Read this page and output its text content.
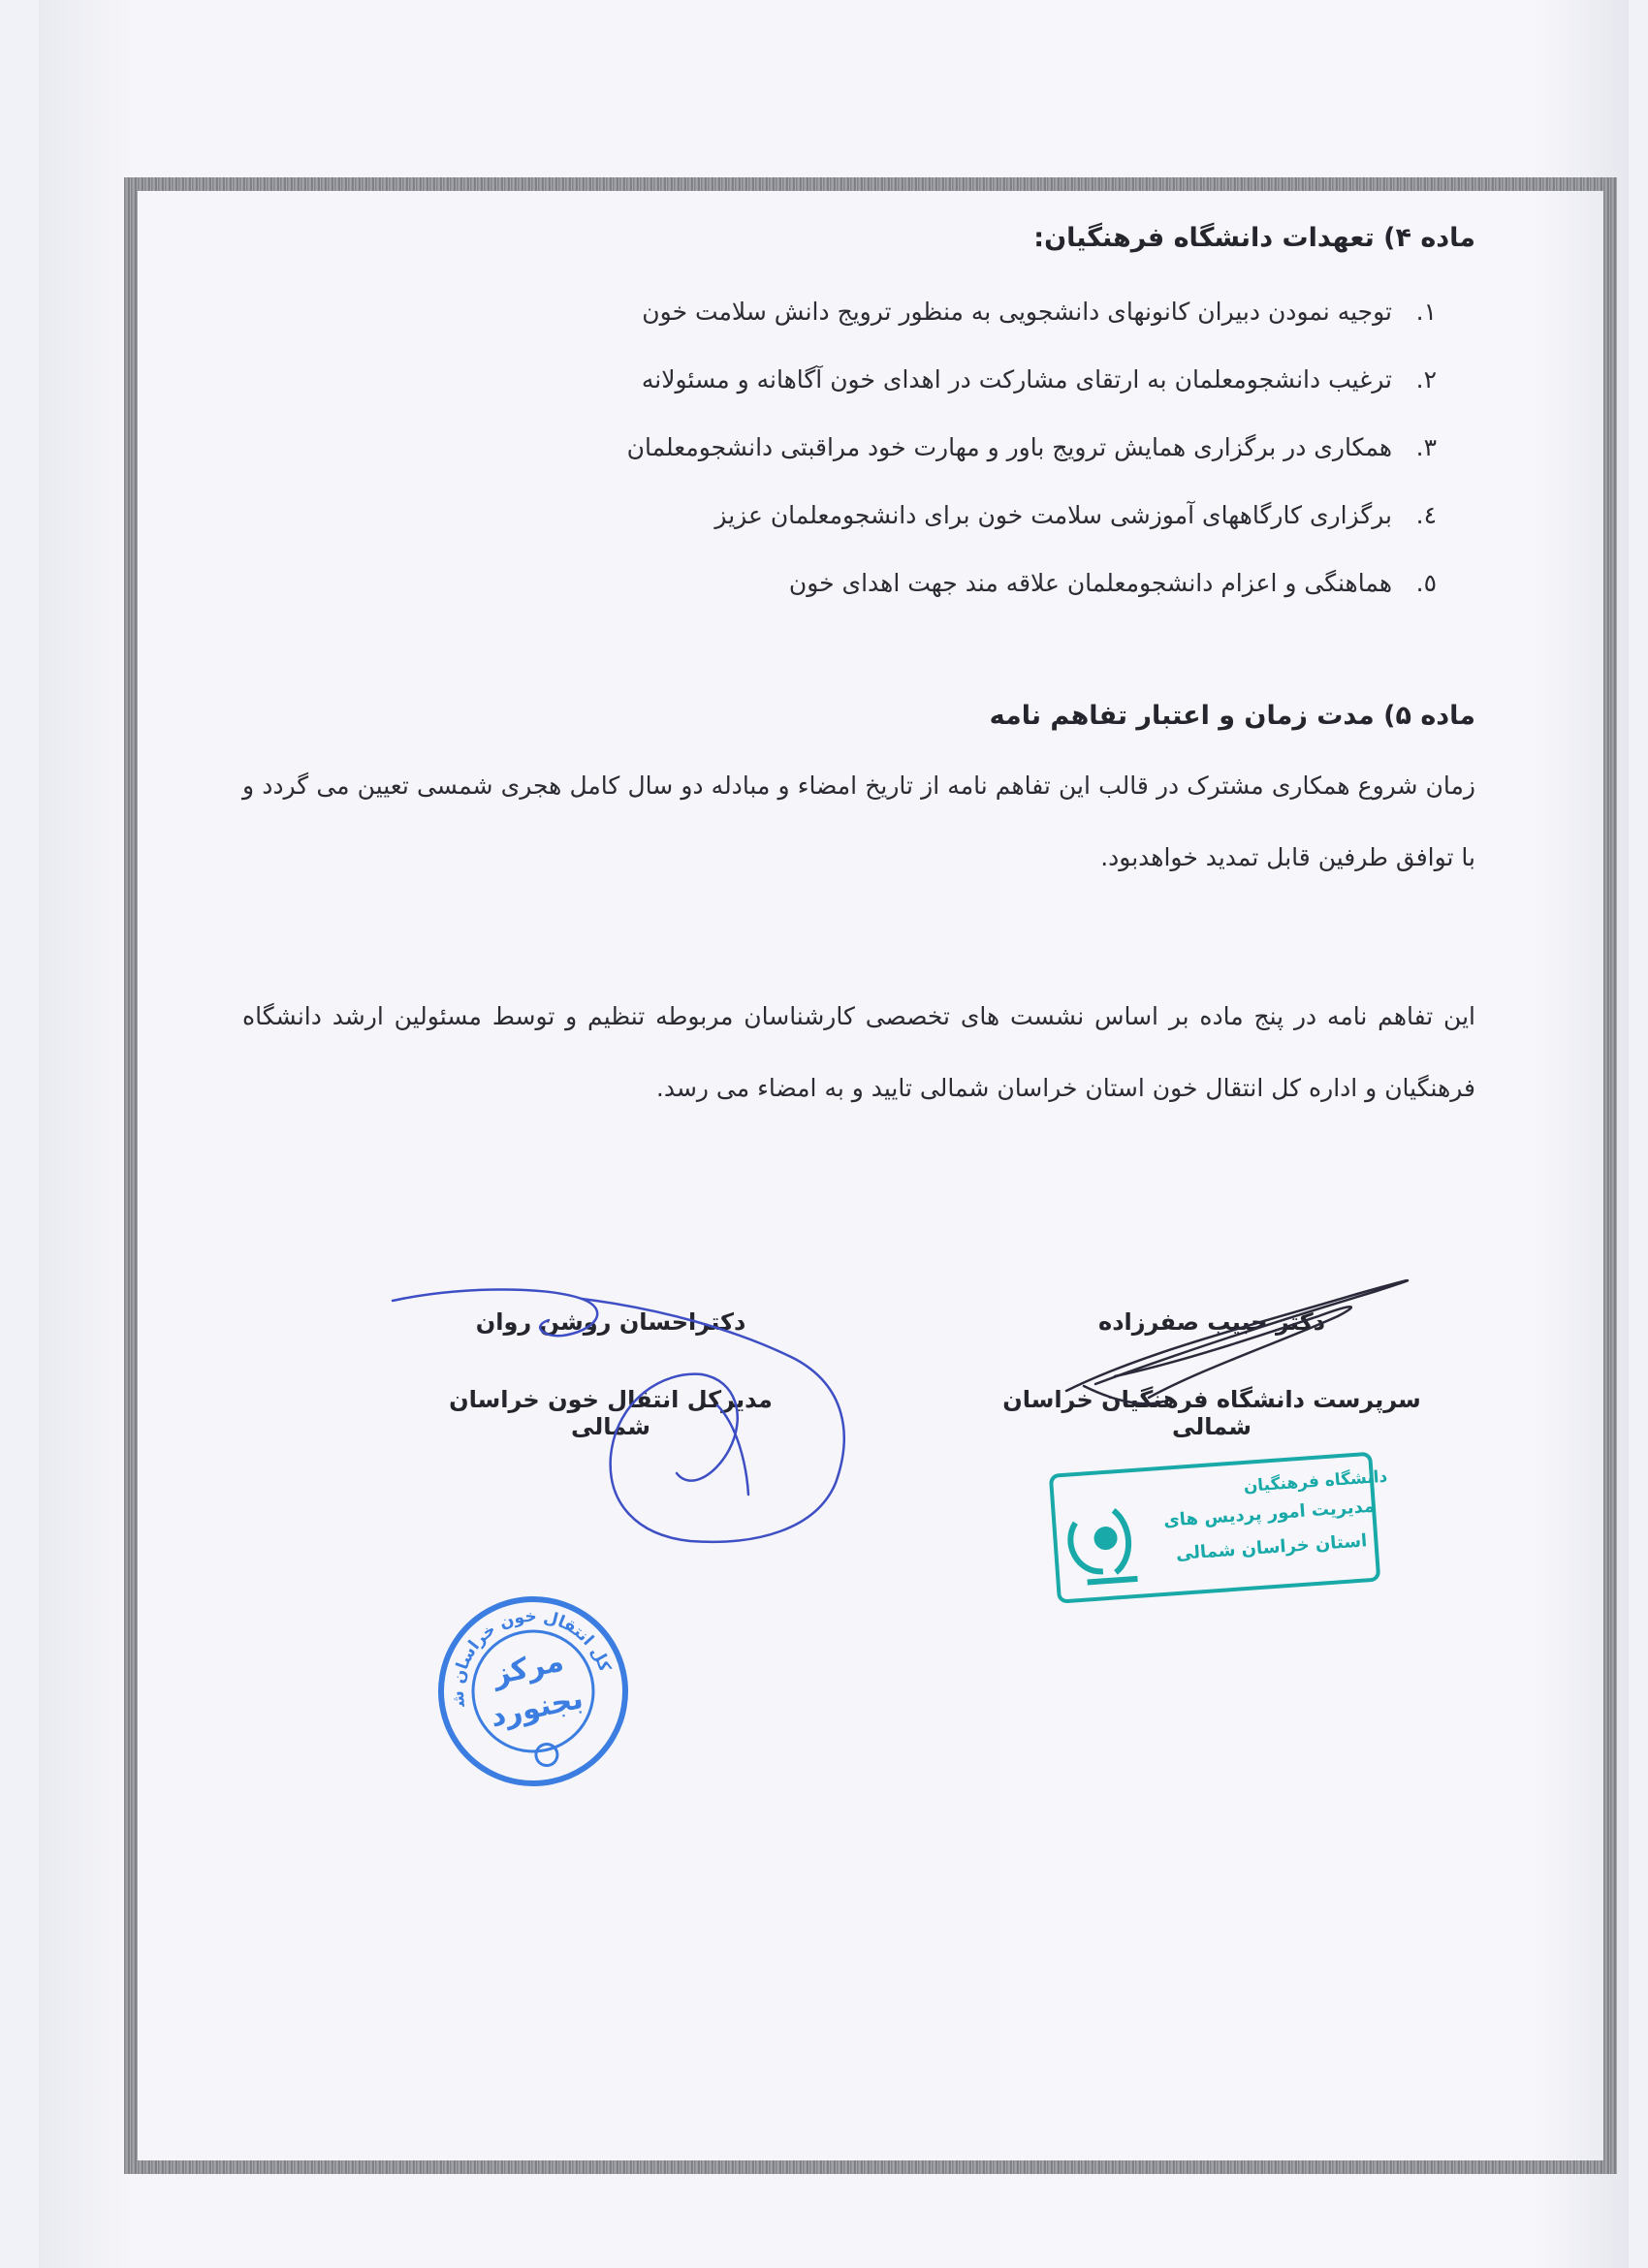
ماده ۴) تعهدات دانشگاه فرهنگیان:
۱.توجیه نمودن دبیران کانونهای دانشجویی به منظور ترویج دانش سلامت خون
۲.ترغیب دانشجومعلمان به ارتقای مشارکت در اهدای خون آگاهانه و مسئولانه
۳.همکاری در برگزاری همایش ترویج باور و مهارت خود مراقبتی دانشجومعلمان
٤.برگزاری کارگاههای آموزشی سلامت خون برای دانشجومعلمان عزیز
٥.هماهنگی و اعزام دانشجومعلمان علاقه مند جهت اهدای خون
ماده ۵) مدت زمان و اعتبار تفاهم نامه

زمان شروع همکاری مشترک در قالب این تفاهم نامه از تاریخ امضاء و مبادله دو سال کامل هجری شمسی تعیین می گردد و با توافق طرفین قابل تمدید خواهدبود.

این تفاهم نامه در پنج ماده بر اساس نشست های تخصصی کارشناسان مربوطه تنظیم و توسط مسئولین ارشد دانشگاه فرهنگیان و اداره کل انتقال خون استان خراسان شمالی تایید و به امضاء می رسد.

دکتر حبیب صفرزاده
سرپرست دانشگاه فرهنگیان خراسان شمالی
دکتراحسان روشن روان
مدیرکل انتقال خون خراسان شمالی
دانشگاه فرهنگیان
مدیریت امور پردیس های
استان خراسان شمالی
کل انتقال خون خراسان شمالی
مرکز
بجنورد
